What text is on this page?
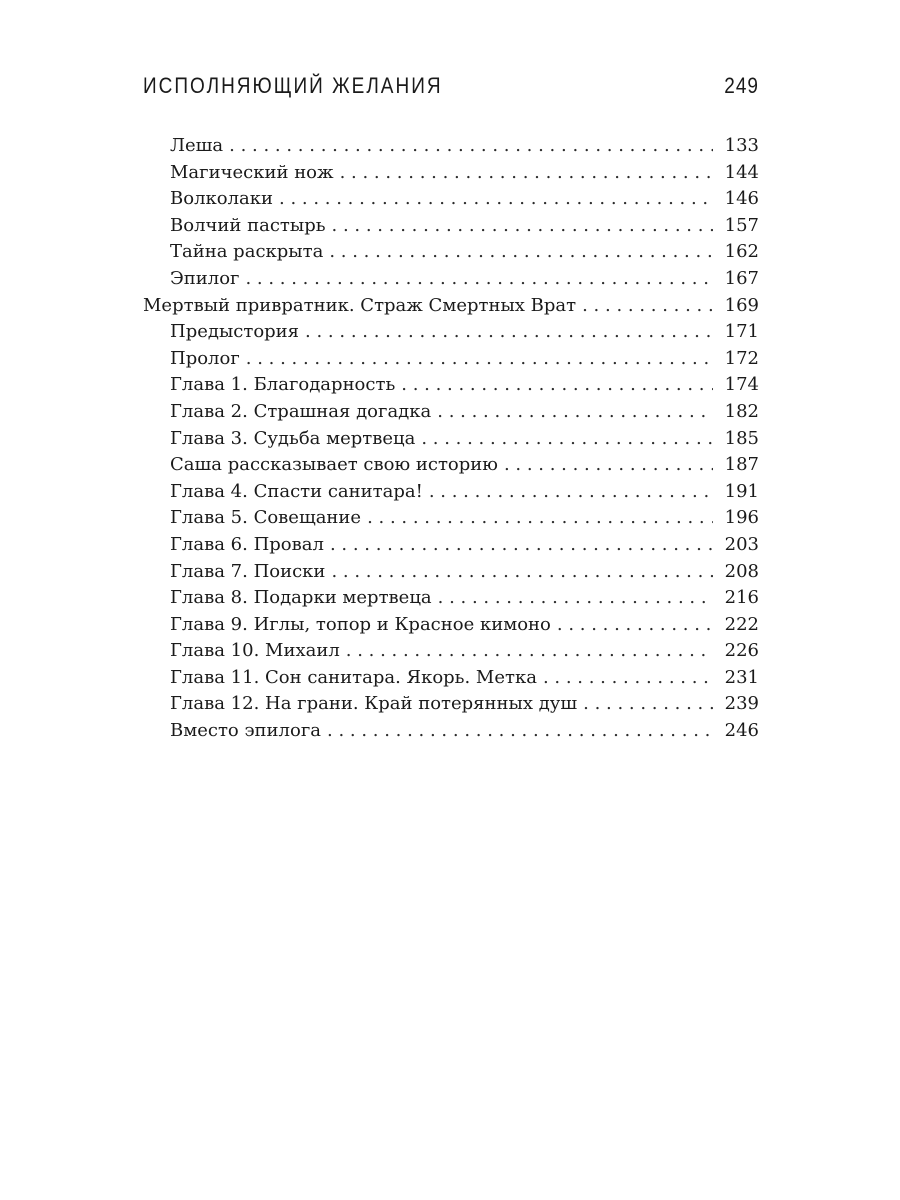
ИСПОЛНЯЮЩИЙ ЖЕЛАНИЯ	249
Леша . . .	133
Магический нож . . .	144
Волколаки . . .	146
Волчий пастырь . . .	157
Тайна раскрыта . . .	162
Эпилог . . .	167
Мертвый привратник. Страж Смертных Врат . . .	169
Предыстория . . .	171
Пролог . . .	172
Глава 1. Благодарность . . .	174
Глава 2. Страшная догадка . . .	182
Глава 3. Судьба мертвеца . . .	185
Саша рассказывает свою историю . . .	187
Глава 4. Спасти санитара! . . .	191
Глава 5. Совещание . . .	196
Глава 6. Провал . . .	203
Глава 7. Поиски . . .	208
Глава 8. Подарки мертвеца . . .	216
Глава 9. Иглы, топор и Красное кимоно . . .	222
Глава 10. Михаил . . .	226
Глава 11. Сон санитара. Якорь. Метка . . .	231
Глава 12. На грани. Край потерянных душ . . .	239
Вместо эпилога . . .	246
